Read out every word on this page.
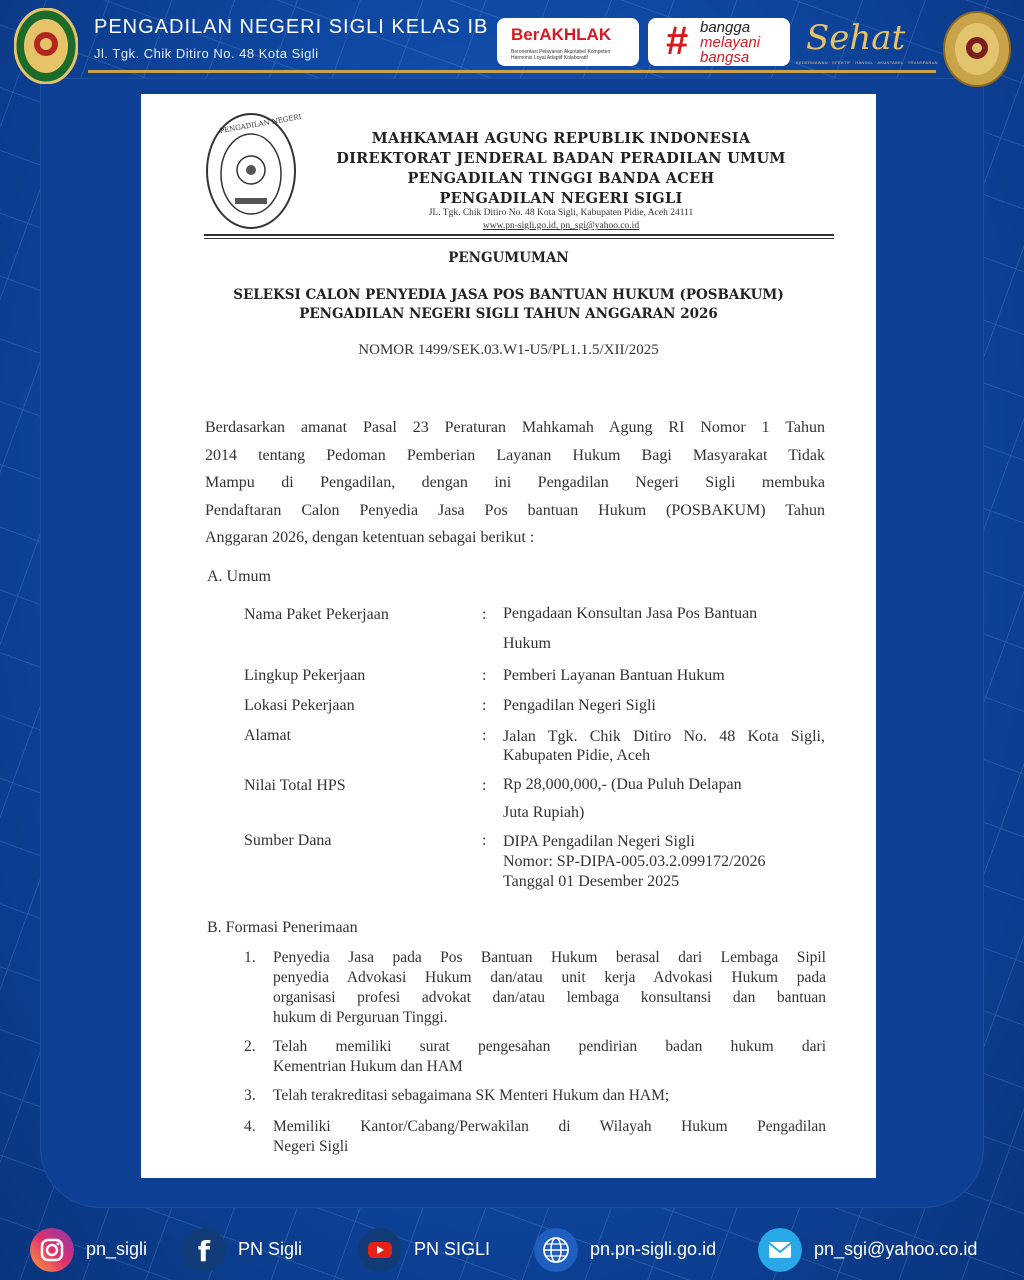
PENGADILAN NEGERI SIGLI KELAS IB
Jl. Tgk. Chik Ditiro No. 48 Kota Sigli
BerAKHLAK
Berorientasi Pelayanan Akuntabel Kompeten Harmonis Loyal Adaptif Kolaboratif	# bangga
melayani
bangsa Sehat
KEDERMAWAN · EFEKTIF · HANDAL · AKUNTABEL · TRANSPARAN
PENGADILAN NEGERI
MAHKAMAH AGUNG REPUBLIK INDONESIA
DIREKTORAT JENDERAL BADAN PERADILAN UMUM
PENGADILAN TINGGI BANDA ACEH
PENGADILAN NEGERI SIGLI
JL. Tgk. Chik Ditiro No. 48 Kota Sigli, Kabupaten Pidie, Aceh 24111
www.pn-sigli.go.id, pn_sgi@yahoo.co.id
PENGUMUMAN
SELEKSI CALON PENYEDIA JASA POS BANTUAN HUKUM (POSBAKUM)
PENGADILAN NEGERI SIGLI TAHUN ANGGARAN 2026
NOMOR 1499/SEK.03.W1-U5/PL1.1.5/XII/2025
Berdasarkan amanat Pasal 23 Peraturan Mahkamah Agung RI Nomor 1 Tahun
2014 tentang Pedoman Pemberian Layanan Hukum Bagi Masyarakat Tidak
Mampu di Pengadilan, dengan ini Pengadilan Negeri Sigli membuka
Pendaftaran Calon Penyedia Jasa Pos bantuan Hukum (POSBAKUM) Tahun
Anggaran 2026, dengan ketentuan sebagai berikut :
A. Umum
Nama Paket Pekerjaan	: Pengadaan Konsultan Jasa Pos Bantuan
Hukum
Lingkup Pekerjaan	: Pemberi Layanan Bantuan Hukum
Lokasi Pekerjaan	: Pengadilan Negeri Sigli
Alamat	: Jalan Tgk. Chik Ditiro No. 48 Kota Sigli,
Kabupaten Pidie, Aceh
Nilai Total HPS	: Rp 28,000,000,- (Dua Puluh Delapan
Juta Rupiah)
Sumber Dana	: DIPA Pengadilan Negeri Sigli
Nomor: SP-DIPA-005.03.2.099172/2026
Tanggal 01 Desember 2025
B. Formasi Penerimaan
1. Penyedia Jasa pada Pos Bantuan Hukum berasal dari Lembaga Sipil
penyedia Advokasi Hukum dan/atau unit kerja Advokasi Hukum pada
organisasi profesi advokat dan/atau lembaga konsultansi dan bantuan
hukum di Perguruan Tinggi.
2. Telah memiliki surat pengesahan pendirian badan hukum dari
Kementrian Hukum dan HAM
3. Telah terakreditasi sebagaimana SK Menteri Hukum dan HAM;
4. Memiliki Kantor/Cabang/Perwakilan di Wilayah Hukum Pengadilan
Negeri Sigli
pn_sigli f PN Sigli	PN SIGLI	pn.pn-sigli.go.id	pn_sgi@yahoo.co.id
